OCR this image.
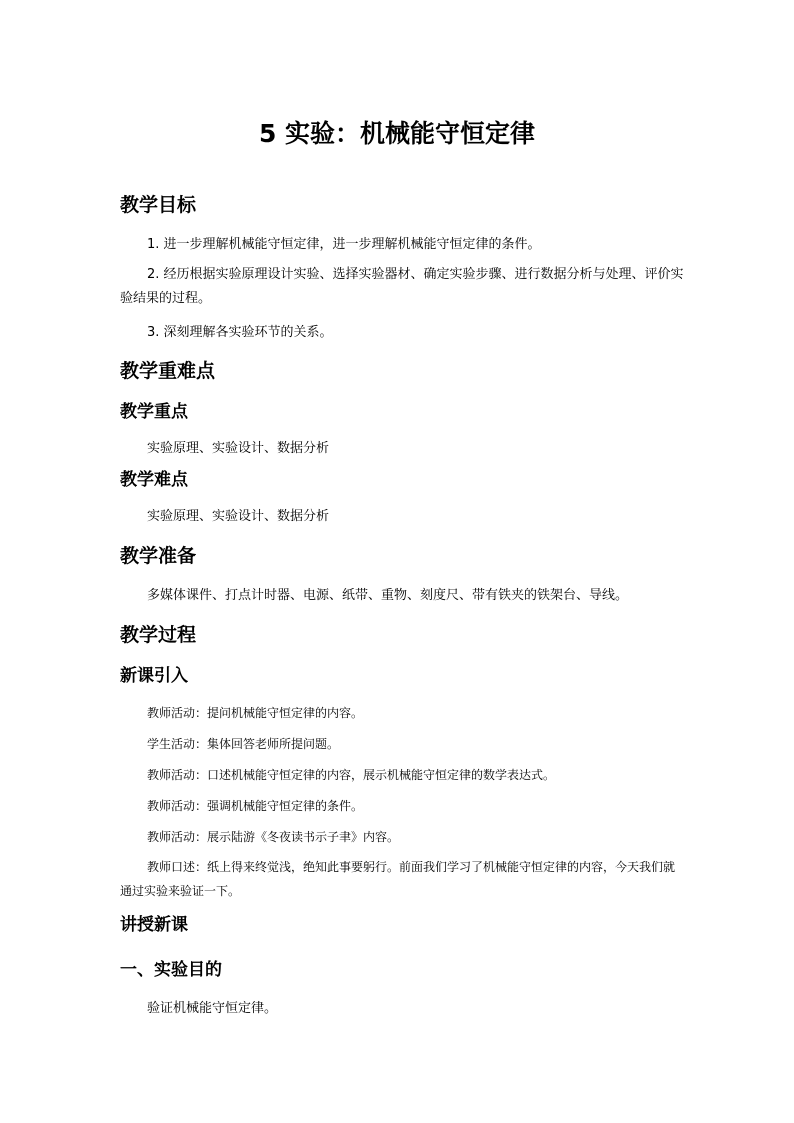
5 实验：机械能守恒定律
教学目标
1. 进一步理解机械能守恒定律，进一步理解机械能守恒定律的条件。
2. 经历根据实验原理设计实验、选择实验器材、确定实验步骤、进行数据分析与处理、评价实验结果的过程。
3. 深刻理解各实验环节的关系。
教学重难点
教学重点
实验原理、实验设计、数据分析
教学难点
实验原理、实验设计、数据分析
教学准备
多媒体课件、打点计时器、电源、纸带、重物、刻度尺、带有铁夹的铁架台、导线。
教学过程
新课引入
教师活动：提问机械能守恒定律的内容。
学生活动：集体回答老师所提问题。
教师活动：口述机械能守恒定律的内容，展示机械能守恒定律的数学表达式。
教师活动：强调机械能守恒定律的条件。
教师活动：展示陆游《冬夜读书示子聿》内容。
教师口述：纸上得来终觉浅，绝知此事要躬行。前面我们学习了机械能守恒定律的内容，今天我们就通过实验来验证一下。
讲授新课
一、实验目的
验证机械能守恒定律。
